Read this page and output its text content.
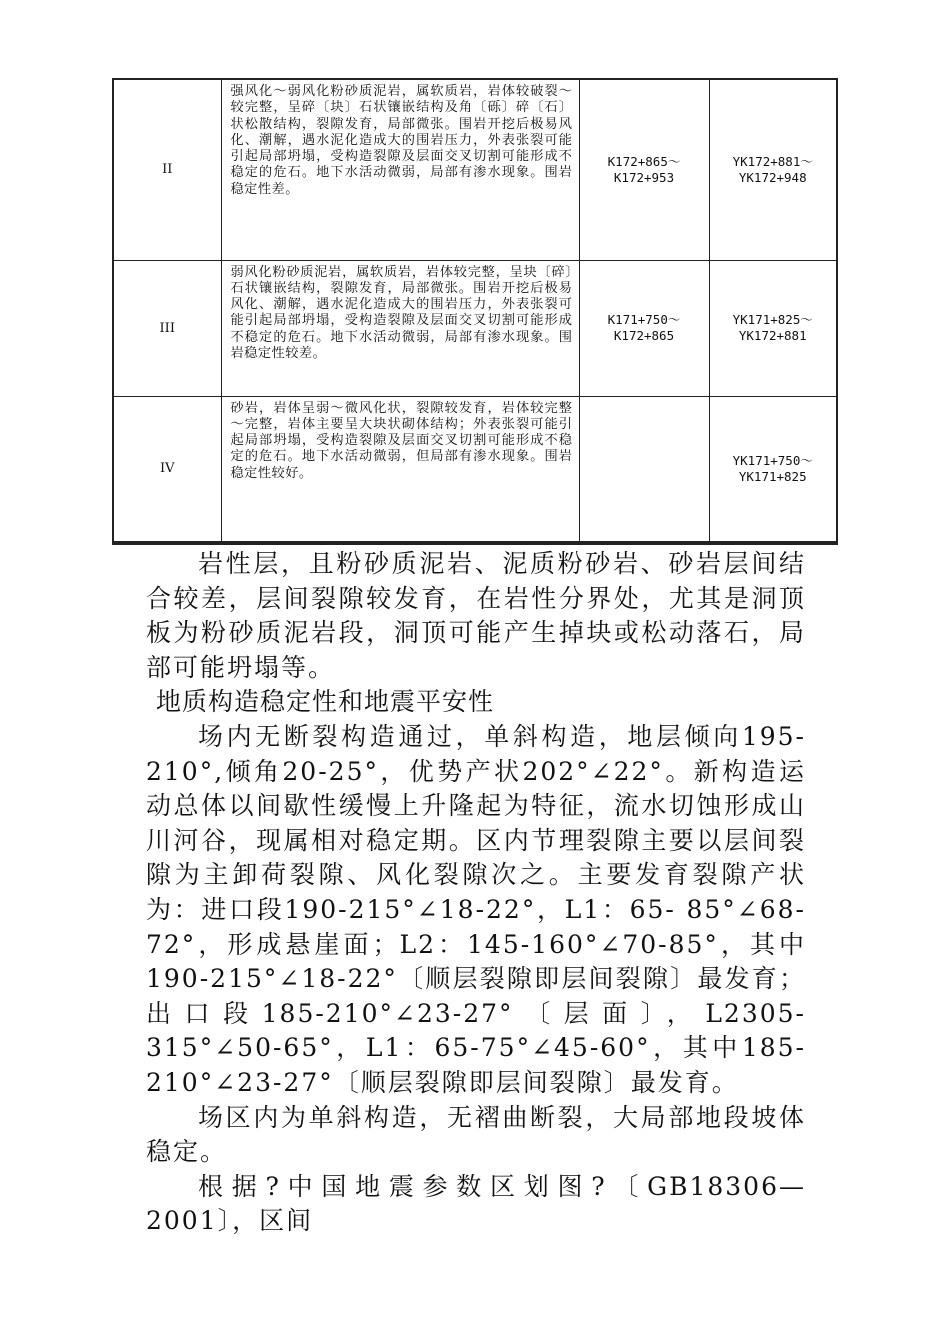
II	强风化～弱风化粉砂质泥岩，属软质岩，岩体较破裂～较完整，呈碎〔块〕石状镶嵌结构及角〔砾〕碎〔石〕状松散结构，裂隙发育，局部微张。围岩开挖后极易风化、潮解，遇水泥化造成大的围岩压力，外表张裂可能引起局部坍塌，受构造裂隙及层面交叉切割可能形成不稳定的危石。地下水活动微弱，局部有渗水现象。围岩稳定性差。	K172+865～
K172+953	YK172+881～
YK172+948

III	弱风化粉砂质泥岩，属软质岩，岩体较完整，呈块〔碎〕石状镶嵌结构，裂隙发育，局部微张。围岩开挖后极易风化、潮解，遇水泥化造成大的围岩压力，外表张裂可能引起局部坍塌，受构造裂隙及层面交叉切割可能形成不稳定的危石。地下水活动微弱，局部有渗水现象。围岩稳定性较差。	K171+750～
K172+865	YK171+825～
YK172+881

IV	砂岩，岩体呈弱～微风化状，裂隙较发育，岩体较完整～完整，岩体主要呈大块状砌体结构；外表张裂可能引起局部坍塌，受构造裂隙及层面交叉切割可能形成不稳定的危石。地下水活动微弱，但局部有渗水现象。围岩稳定性较好。		YK171+750～
YK171+825

岩性层，且粉砂质泥岩、泥质粉砂岩、砂岩层间结合较差，层间裂隙较发育，在岩性分界处，尤其是洞顶板为粉砂质泥岩段，洞顶可能产生掉块或松动落石，局部可能坍塌等。

地质构造稳定性和地震平安性

场内无断裂构造通过，单斜构造，地层倾向195-210°,倾角20-25°，优势产状202°∠22°。新构造运动总体以间歇性缓慢上升隆起为特征，流水切蚀形成山川河谷，现属相对稳定期。区内节理裂隙主要以层间裂隙为主卸荷裂隙、风化裂隙次之。主要发育裂隙产状为：进口段190-215°∠18-22°，L1：65- 85°∠68-72°，形成悬崖面；L2：145-160°∠70-85°，其中190-215°∠18-22°〔顺层裂隙即层间裂隙〕最发育；出口段185-210°∠23-27°〔层面〕，L2305-315°∠50-65°，L1：65-75°∠45-60°，其中185-210°∠23-27°〔顺层裂隙即层间裂隙〕最发育。

场区内为单斜构造，无褶曲断裂，大局部地段坡体稳定。

根据?中国地震参数区划图?〔GB18306—2001〕，区间
